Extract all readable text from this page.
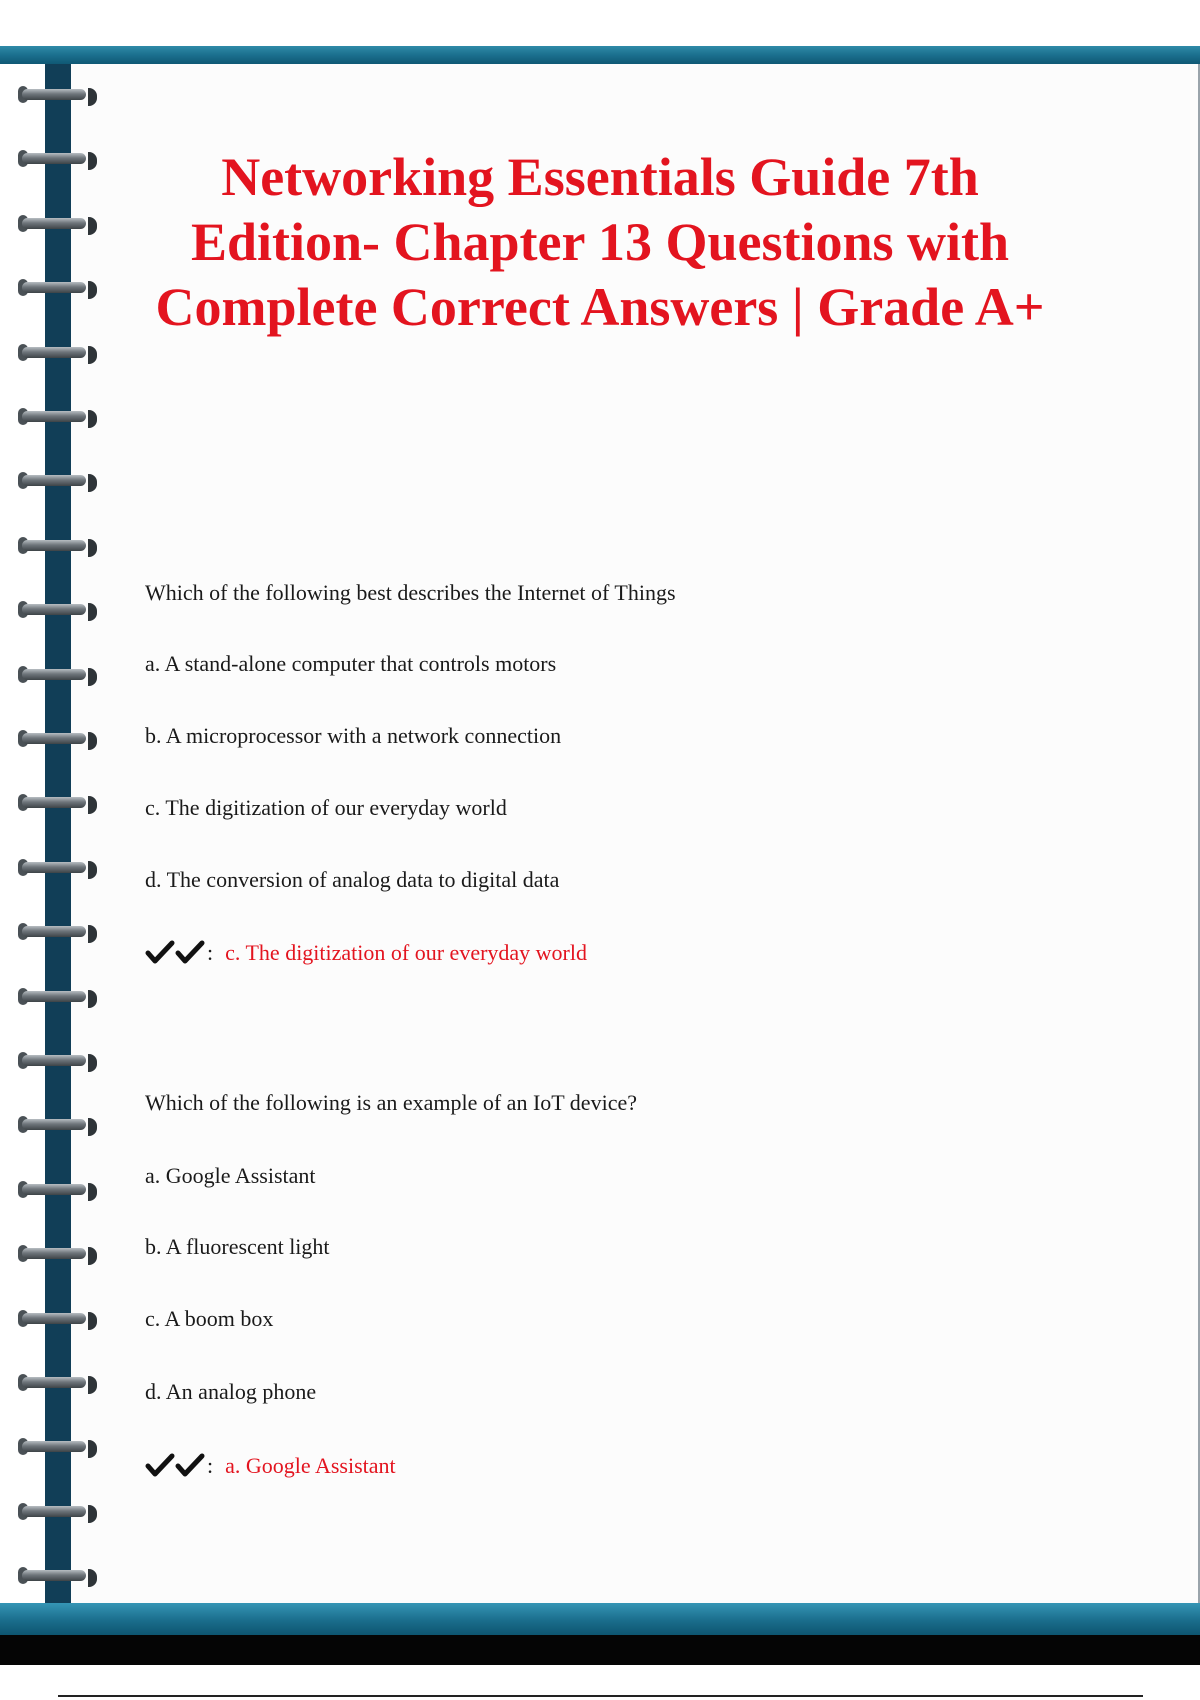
Networking Essentials Guide 7th Edition- Chapter 13 Questions with Complete Correct Answers | Grade A+

Which of the following best describes the Internet of Things

a. A stand-alone computer that controls motors

b. A microprocessor with a network connection

c. The digitization of our everyday world

d. The conversion of analog data to digital data

: c. The digitization of our everyday world

Which of the following is an example of an IoT device?

a. Google Assistant

b. A fluorescent light

c. A boom box

d. An analog phone

: a. Google Assistant
